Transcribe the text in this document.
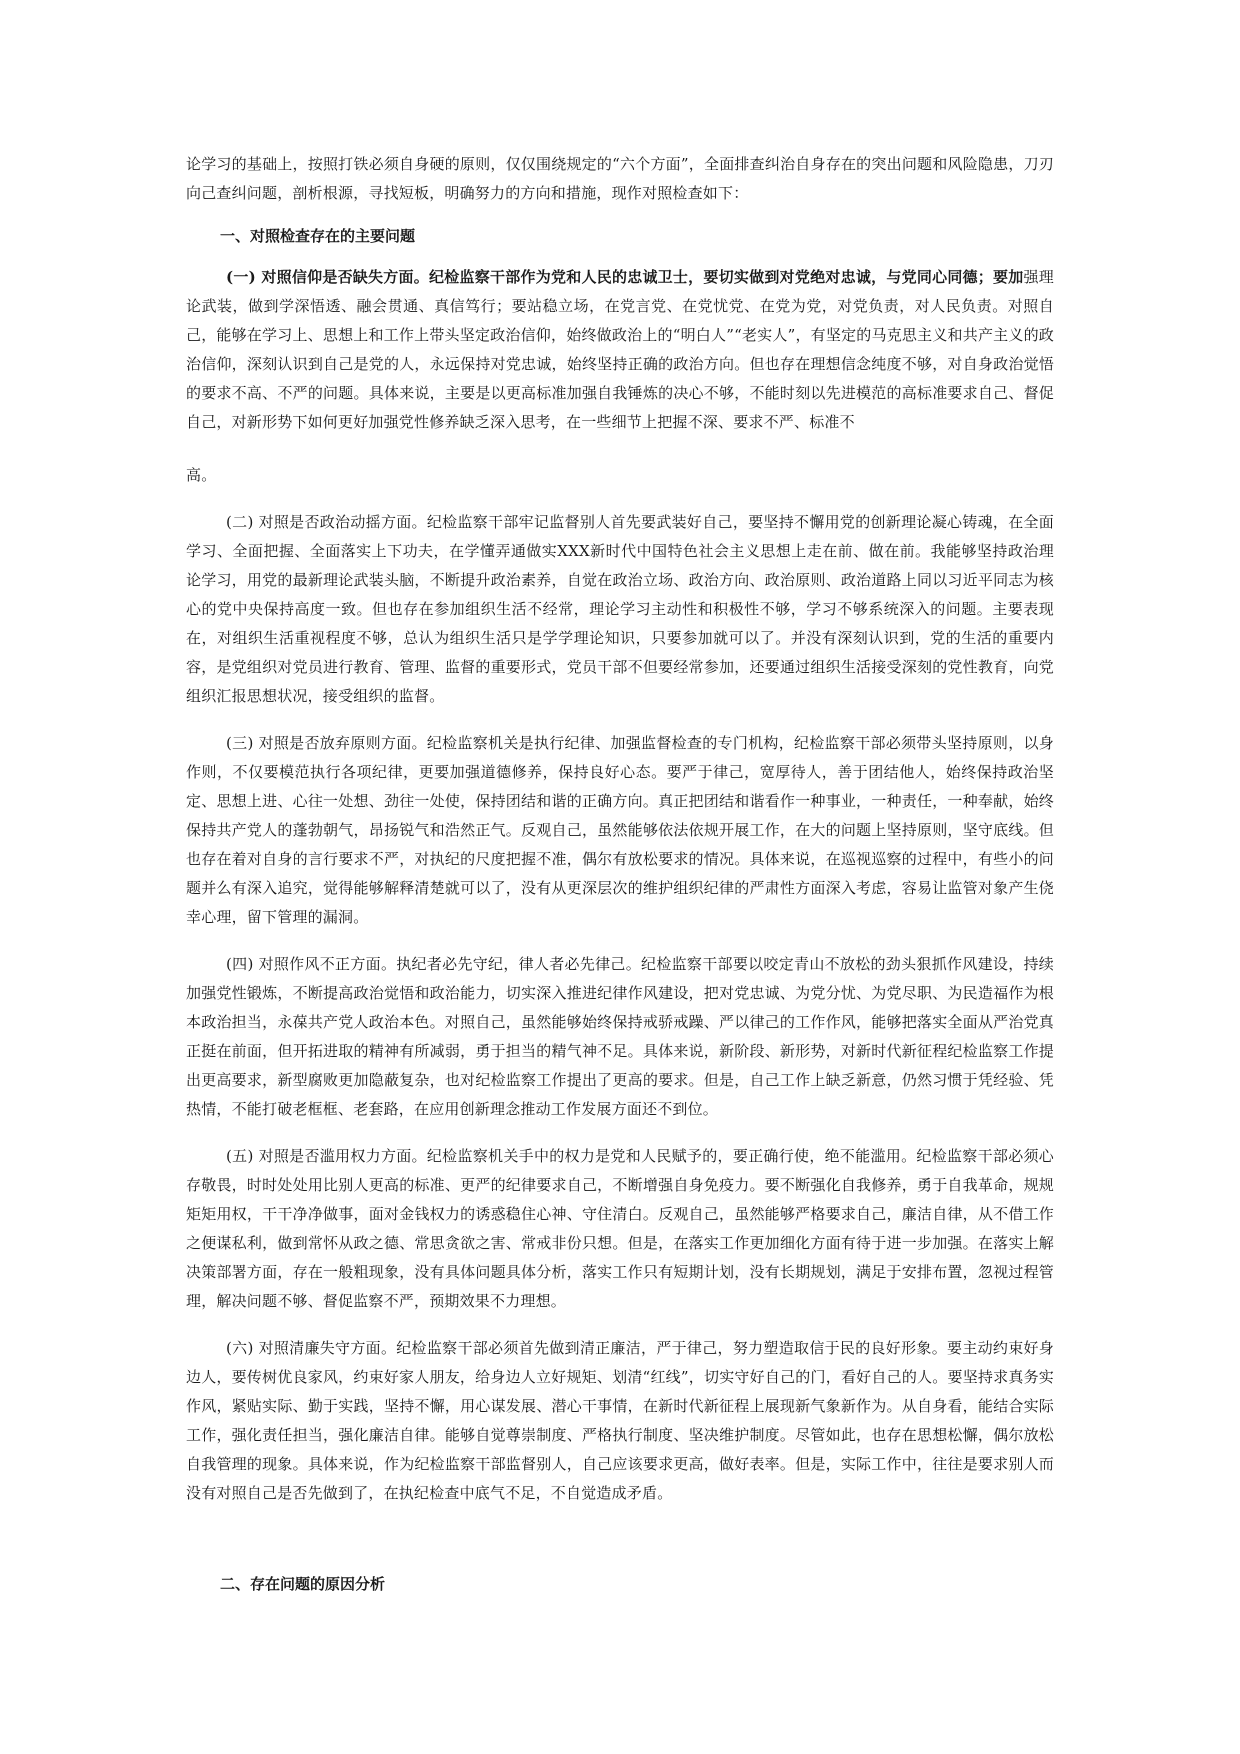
论学习的基础上，按照打铁必须自身硬的原则，仅仅围绕规定的“六个方面”，全面排查纠治自身存在的突出问题和风险隐患，刀刃向己查纠问题，剖析根源，寻找短板，明确努力的方向和措施，现作对照检查如下：

一、对照检查存在的主要问题

(一) 对照信仰是否缺失方面。纪检监察干部作为党和人民的忠诚卫士，要切实做到对党绝对忠诚，与党同心同德；要加强理论武装，做到学深悟透、融会贯通、真信笃行；要站稳立场，在党言党、在党忧党、在党为党，对党负责，对人民负责。对照自己，能够在学习上、思想上和工作上带头坚定政治信仰，始终做政治上的“明白人”“老实人”，有坚定的马克思主义和共产主义的政治信仰，深刻认识到自己是党的人，永远保持对党忠诚，始终坚持正确的政治方向。但也存在理想信念纯度不够，对自身政治觉悟的要求不高、不严的问题。具体来说，主要是以更高标准加强自我锤炼的决心不够，不能时刻以先进模范的高标准要求自己、督促自己，对新形势下如何更好加强党性修养缺乏深入思考，在一些细节上把握不深、要求不严、标准不

高。

(二) 对照是否政治动摇方面。纪检监察干部牢记监督别人首先要武装好自己，要坚持不懈用党的创新理论凝心铸魂，在全面学习、全面把握、全面落实上下功夫，在学懂弄通做实XXX新时代中国特色社会主义思想上走在前、做在前。我能够坚持政治理论学习，用党的最新理论武装头脑，不断提升政治素养，自觉在政治立场、政治方向、政治原则、政治道路上同以习近平同志为核心的党中央保持高度一致。但也存在参加组织生活不经常，理论学习主动性和积极性不够，学习不够系统深入的问题。主要表现在，对组织生活重视程度不够，总认为组织生活只是学学理论知识，只要参加就可以了。并没有深刻认识到，党的生活的重要内容，是党组织对党员进行教育、管理、监督的重要形式，党员干部不但要经常参加，还要通过组织生活接受深刻的党性教育，向党组织汇报思想状况，接受组织的监督。

(三) 对照是否放弃原则方面。纪检监察机关是执行纪律、加强监督检查的专门机构，纪检监察干部必须带头坚持原则，以身作则，不仅要模范执行各项纪律，更要加强道德修养，保持良好心态。要严于律己，宽厚待人，善于团结他人，始终保持政治坚定、思想上进、心往一处想、劲往一处使，保持团结和谐的正确方向。真正把团结和谐看作一种事业，一种责任，一种奉献，始终保持共产党人的蓬勃朝气，昂扬锐气和浩然正气。反观自己，虽然能够依法依规开展工作，在大的问题上坚持原则，坚守底线。但也存在着对自身的言行要求不严，对执纪的尺度把握不准，偶尔有放松要求的情况。具体来说，在巡视巡察的过程中，有些小的问题并么有深入追究，觉得能够解释清楚就可以了，没有从更深层次的维护组织纪律的严肃性方面深入考虑，容易让监管对象产生侥幸心理，留下管理的漏洞。

(四) 对照作风不正方面。执纪者必先守纪，律人者必先律己。纪检监察干部要以咬定青山不放松的劲头狠抓作风建设，持续加强党性锻炼，不断提高政治觉悟和政治能力，切实深入推进纪律作风建设，把对党忠诚、为党分忧、为党尽职、为民造福作为根本政治担当，永葆共产党人政治本色。对照自己，虽然能够始终保持戒骄戒躁、严以律己的工作作风，能够把落实全面从严治党真正挺在前面，但开拓进取的精神有所减弱，勇于担当的精气神不足。具体来说，新阶段、新形势，对新时代新征程纪检监察工作提出更高要求，新型腐败更加隐蔽复杂，也对纪检监察工作提出了更高的要求。但是，自己工作上缺乏新意，仍然习惯于凭经验、凭热情，不能打破老框框、老套路，在应用创新理念推动工作发展方面还不到位。

(五) 对照是否滥用权力方面。纪检监察机关手中的权力是党和人民赋予的，要正确行使，绝不能滥用。纪检监察干部必须心存敬畏，时时处处用比别人更高的标准、更严的纪律要求自己，不断增强自身免疫力。要不断强化自我修养，勇于自我革命，规规矩矩用权，干干净净做事，面对金钱权力的诱惑稳住心神、守住清白。反观自己，虽然能够严格要求自己，廉洁自律，从不借工作之便谋私利，做到常怀从政之德、常思贪欲之害、常戒非份只想。但是，在落实工作更加细化方面有待于进一步加强。在落实上解决策部署方面，存在一般粗现象，没有具体问题具体分析，落实工作只有短期计划，没有长期规划，满足于安排布置，忽视过程管理，解决问题不够、督促监察不严，预期效果不力理想。

(六) 对照清廉失守方面。纪检监察干部必须首先做到清正廉洁，严于律己，努力塑造取信于民的良好形象。要主动约束好身边人，要传树优良家风，约束好家人朋友，给身边人立好规矩、划清“红线”，切实守好自己的门，看好自己的人。要坚持求真务实作风，紧贴实际、勤于实践，坚持不懈，用心谋发展、潜心干事情，在新时代新征程上展现新气象新作为。从自身看，能结合实际工作，强化责任担当，强化廉洁自律。能够自觉尊崇制度、严格执行制度、坚决维护制度。尽管如此，也存在思想松懈，偶尔放松自我管理的现象。具体来说，作为纪检监察干部监督别人，自己应该要求更高，做好表率。但是，实际工作中，往往是要求别人而没有对照自己是否先做到了，在执纪检查中底气不足，不自觉造成矛盾。

二、存在问题的原因分析
